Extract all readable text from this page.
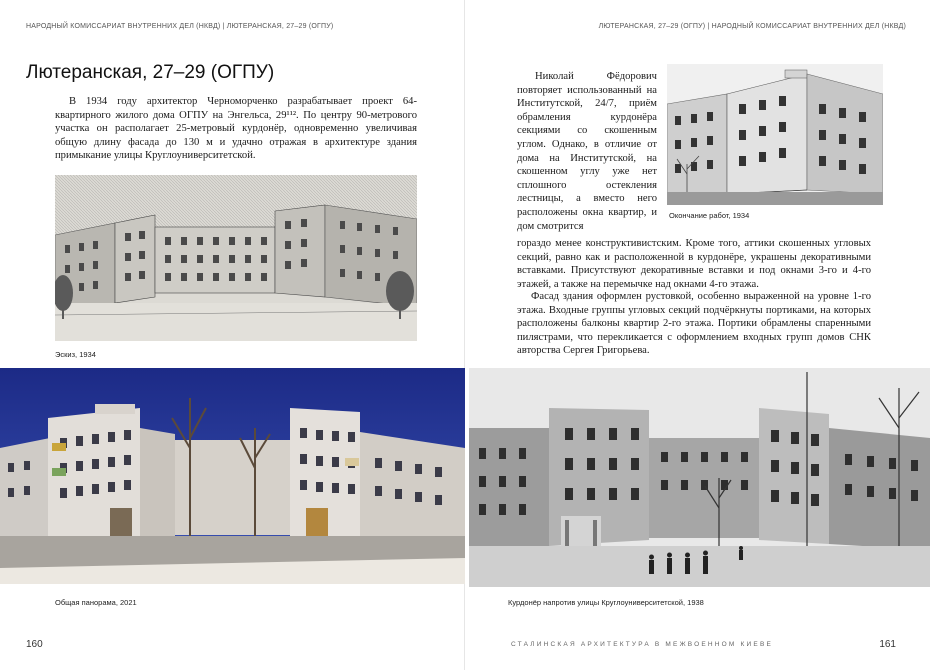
НАРОДНЫЙ КОМИССАРИАТ ВНУТРЕННИХ ДЕЛ (НКВД) | ЛЮТЕРАНСКАЯ, 27–29 (ОГПУ)
Лютеранская, 27–29 (ОГПУ)

В 1934 году архитектор Черноморченко разрабатывает проект 64-квартирного жилого дома ОГПУ на Энгельса, 29¹¹². По центру 90-метрового участка он располагает 25-метровый курдонёр, одновременно увеличивая общую длину фасада до 130 м и удачно отражая в архитектуре здания примыкание улицы Круглоуниверситетской.

Эскиз, 1934
Общая панорама, 2021
160
ЛЮТЕРАНСКАЯ, 27–29 (ОГПУ) | НАРОДНЫЙ КОМИССАРИАТ ВНУТРЕННИХ ДЕЛ (НКВД)

Николай Фёдорович повторяет использованный на Институтской, 24/7, приём обрамления курдонёра секциями со скошенным углом. Однако, в отличие от дома на Институтской, на скошенном углу уже нет сплошного остекления лестницы, а вместо него расположены окна квартир, и дом смотрится

Окончание работ, 1934

гораздо менее конструктивистским. Кроме того, аттики скошенных угловых секций, равно как и расположенной в курдонёре, украшены декоративными вставками. Присутствуют декоративные вставки и под окнами 3-го и 4-го этажей, а также на перемычке над окнами 4-го этажа.

Фасад здания оформлен рустовкой, особенно выраженной на уровне 1-го этажа. Входные группы угловых секций подчёркнуты портиками, на которых расположены балконы квартир 2-го этажа. Портики обрамлены спаренными пилястрами, что перекликается с оформлением входных групп домов СНК авторства Сергея Григорьева.

Курдонёр напротив улицы Круглоуниверситетской, 1938
СТАЛИНСКАЯ АРХИТЕКТУРА В МЕЖВОЕННОМ КИЕВЕ	161
